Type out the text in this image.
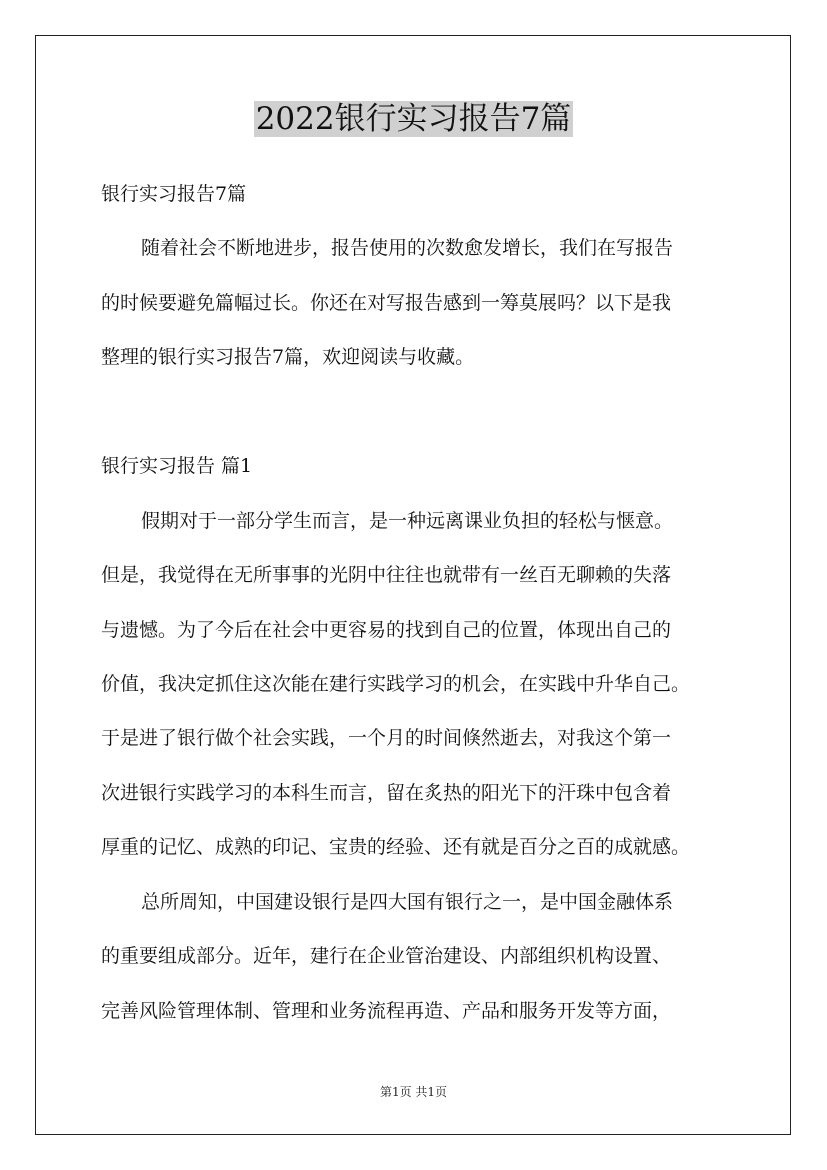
2022银行实习报告7篇
银行实习报告7篇
随着社会不断地进步，报告使用的次数愈发增长，我们在写报告
的时候要避免篇幅过长。你还在对写报告感到一筹莫展吗？以下是我
整理的银行实习报告7篇，欢迎阅读与收藏。
银行实习报告 篇1
假期对于一部分学生而言，是一种远离课业负担的轻松与惬意。
但是，我觉得在无所事事的光阴中往往也就带有一丝百无聊赖的失落
与遗憾。为了今后在社会中更容易的找到自己的位置，体现出自己的
价值，我决定抓住这次能在建行实践学习的机会，在实践中升华自己。
于是进了银行做个社会实践，一个月的时间倏然逝去，对我这个第一
次进银行实践学习的本科生而言，留在炙热的阳光下的汗珠中包含着
厚重的记忆、成熟的印记、宝贵的经验、还有就是百分之百的成就感。
总所周知，中国建设银行是四大国有银行之一，是中国金融体系
的重要组成部分。近年，建行在企业管治建设、内部组织机构设置、
完善风险管理体制、管理和业务流程再造、产品和服务开发等方面，
第1页 共1页
